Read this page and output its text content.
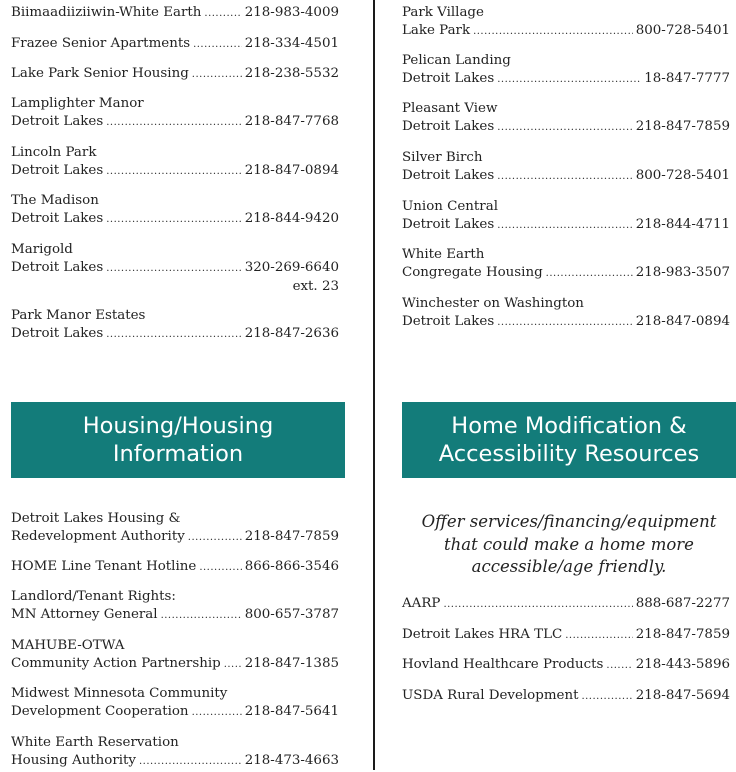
Biimaadiiziiwin-White Earth .....	218-983-4009
Frazee Senior Apartments .....	218-334-4501
Lake Park Senior Housing .....	218-238-5532
Lamplighter Manor
Detroit Lakes .....	218-847-7768
Lincoln Park
Detroit Lakes .....	218-847-0894
The Madison
Detroit Lakes .....	218-844-9420
Marigold
Detroit Lakes .....	320-269-6640
ext. 23
Park Manor Estates
Detroit Lakes .....	218-847-2636
Detroit Lakes Housing &
Redevelopment Authority .....	218-847-7859
HOME Line Tenant Hotline .....	866-866-3546
Landlord/Tenant Rights:
MN Attorney General .....	800-657-3787
MAHUBE-OTWA
Community Action Partnership ..... 218-847-1385
Midwest Minnesota Community
Development Cooperation .....	218-847-5641
White Earth Reservation
Housing Authority .....	218-473-4663
Park Village
Lake Park .....	800-728-5401
Pelican Landing
Detroit Lakes .....	18-847-7777
Pleasant View
Detroit Lakes .....	218-847-7859
Silver Birch
Detroit Lakes .....	800-728-5401
Union Central
Detroit Lakes .....	218-844-4711
White Earth
Congregate Housing .....	218-983-3507
Winchester on Washington
Detroit Lakes .....	218-847-0894
AARP .....	888-687-2277
Detroit Lakes HRA TLC .....	218-847-7859
Hovland Healthcare Products ..... 218-443-5896
USDA Rural Development .....	218-847-5694
Housing/Housing
Information
Home Modification &
Accessibility Resources
Offer services/financing/equipment
that could make a home more
accessible/age friendly.
